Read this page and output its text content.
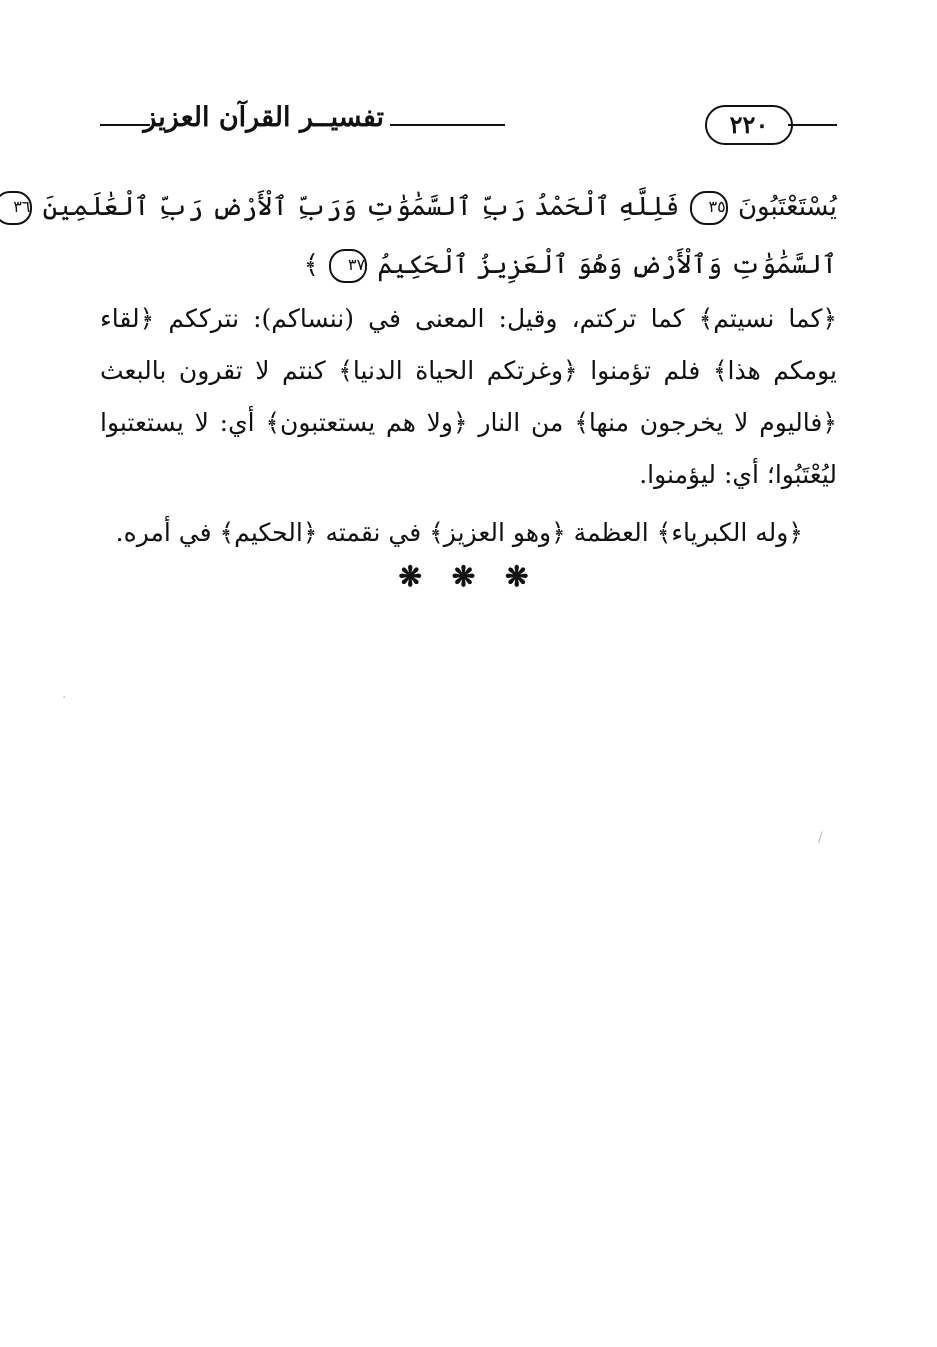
تفسيــر القرآن العزيز	٢٢٠
يُسْتَعْتَبُونَ ٣٥ فَلِلَّهِ ٱلْحَمْدُ رَبِّ ٱلسَّمَٰوَٰتِ وَرَبِّ ٱلْأَرْضِ رَبِّ ٱلْعَٰلَمِينَ ٣٦
ٱلسَّمَٰوَٰتِ وَٱلْأَرْضِ وَهُوَ ٱلْعَزِيزُ ٱلْحَكِيمُ ٣٧ ﴾
﴿كما نسيتم﴾ كما تركتم، وقيل: المعنى في (ننساكم): نترككم ﴿لقاء
يومكم هذا﴾ فلم تؤمنوا ﴿وغرتكم الحياة الدنيا﴾ كنتم لا تقرون بالبعث
﴿فاليوم لا يخرجون منها﴾ من النار ﴿ولا هم يستعتبون﴾ أي: لا يستعتبوا
ليُعْتَبُوا؛ أي: ليؤمنوا.
﴿وله الكبرياء﴾ العظمة ﴿وهو العزيز﴾ في نقمته ﴿الحكيم﴾ في أمره.
❋ ❋ ❋
·
/
